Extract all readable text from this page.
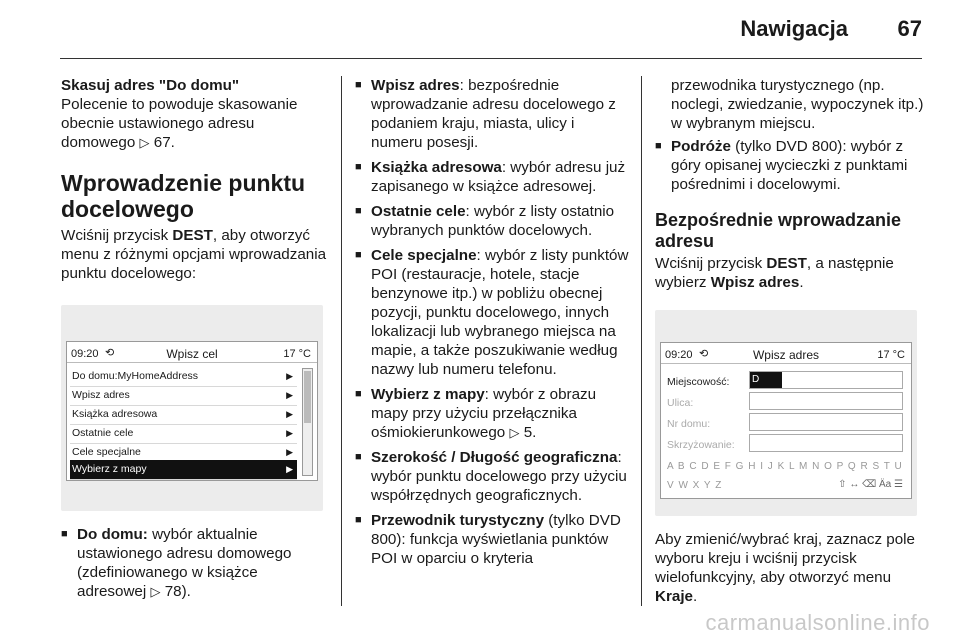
Nawigacja 67
Skasuj adres "Do domu"

Polecenie to powoduje skasowanie obecnie ustawionego adresu domowego ▷ 67.

Wprowadzenie punktu docelowego

Wciśnij przycisk DEST, aby otworzyć menu z różnymi opcjami wprowadzania punktu docelowego:

09:20 ⟲	Wpisz cel	17 °C
Do domu:MyHomeAddress	▶
Wpisz adres	▶
Książka adresowa	▶
Ostatnie cele	▶
Cele specjalne	▶
Wybierz z mapy	▶
■ Do domu: wybór aktualnie ustawionego adresu domowego (zdefiniowanego w książce adresowej ▷ 78).
■ Wpisz adres: bezpośrednie wprowadzanie adresu docelowego z podaniem kraju, miasta, ulicy i numeru posesji.
■ Książka adresowa: wybór adresu już zapisanego w książce adresowej.
■ Ostatnie cele: wybór z listy ostatnio wybranych punktów docelowych.
■ Cele specjalne: wybór z listy punktów POI (restauracje, hotele, stacje benzynowe itp.) w pobliżu obecnej pozycji, punktu docelowego, innych lokalizacji lub wybranego miejsca na mapie, a także poszukiwanie według nazwy lub numeru telefonu.
■ Wybierz z mapy: wybór z obrazu mapy przy użyciu przełącznika ośmiokierunkowego ▷ 5.
■ Szerokość / Długość geograficzna: wybór punktu docelowego przy użyciu współrzędnych geograficznych.
■ Przewodnik turystyczny (tylko DVD 800): funkcja wyświetlania punktów POI w oparciu o kryteria

przewodnika turystycznego (np. noclegi, zwiedzanie, wypoczynek itp.) w wybranym miejscu.

■ Podróże (tylko DVD 800): wybór z góry opisanej wycieczki z punktami pośrednimi i docelowymi.
Bezpośrednie wprowadzanie adresu

Wciśnij przycisk DEST, a następnie wybierz Wpisz adres.

09:20 ⟲	Wpisz adres	17 °C
Miejscowość: D
Ulica:
Nr domu:
Skrzyżowanie:
A B C D E F G H I J K L M N O P Q R S T U V W X Y Z	⇧ ↔ ⌫ Äa ☰

Aby zmienić/wybrać kraj, zaznacz pole wyboru kreju i wciśnij przycisk wielofunkcyjny, aby otworzyć menu Kraje.

carmanualsonline.info
